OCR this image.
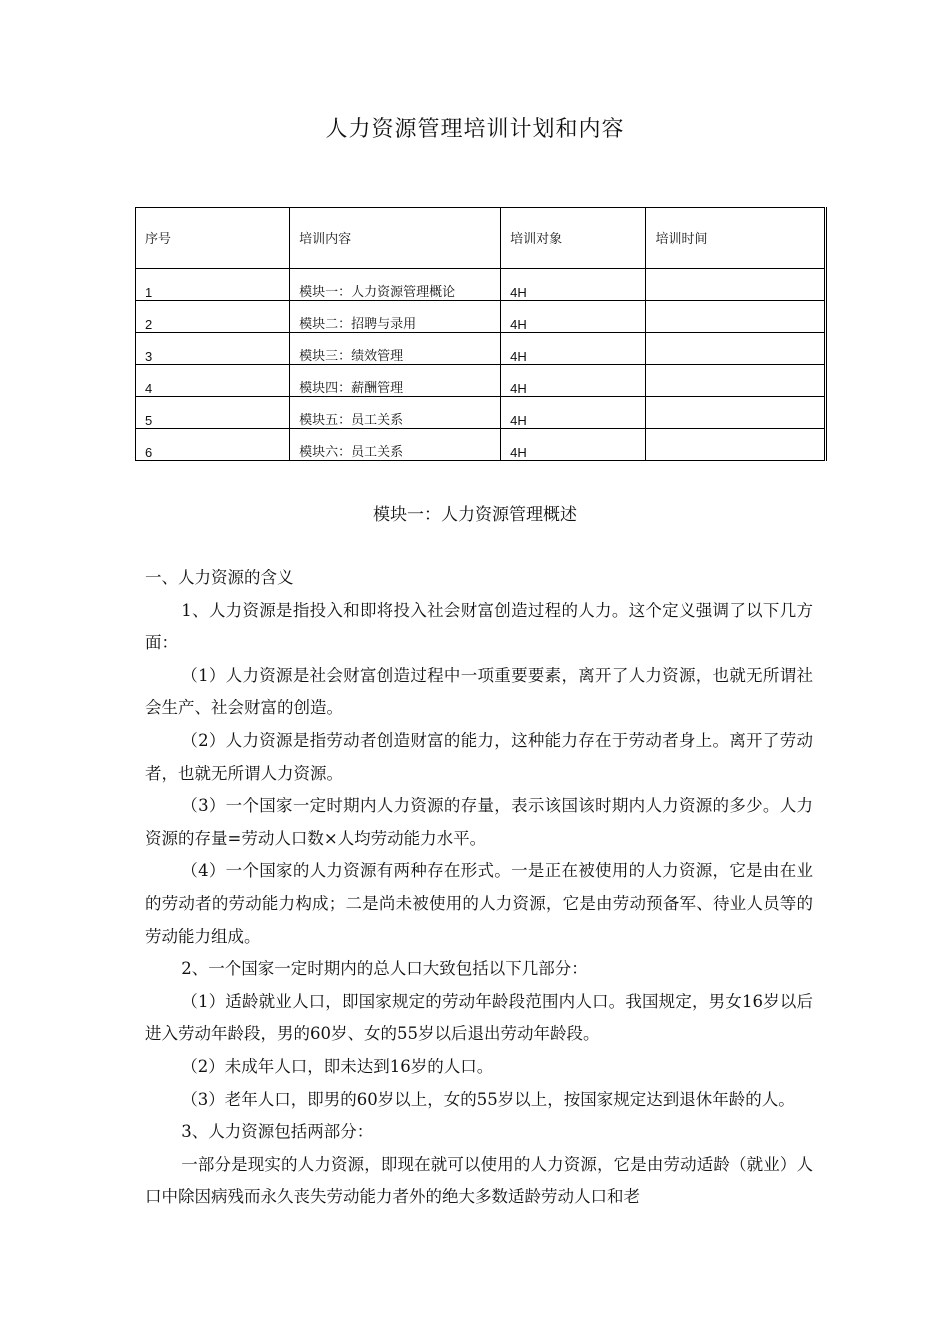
人力资源管理培训计划和内容
序号	培训内容	培训对象	培训时间
1	模块一：人力资源管理概论	4H	
2	模块二：招聘与录用	4H	
3	模块三：绩效管理	4H	
4	模块四：薪酬管理	4H	
5	模块五：员工关系	4H	
6	模块六：员工关系	4H	
模块一：人力资源管理概述

一、人力资源的含义

1、人力资源是指投入和即将投入社会财富创造过程的人力。这个定义强调了以下几方面：

（1）人力资源是社会财富创造过程中一项重要要素，离开了人力资源，也就无所谓社会生产、社会财富的创造。

（2）人力资源是指劳动者创造财富的能力，这种能力存在于劳动者身上。离开了劳动者，也就无所谓人力资源。

（3）一个国家一定时期内人力资源的存量，表示该国该时期内人力资源的多少。人力资源的存量=劳动人口数×人均劳动能力水平。

（4）一个国家的人力资源有两种存在形式。一是正在被使用的人力资源，它是由在业的劳动者的劳动能力构成；二是尚未被使用的人力资源，它是由劳动预备军、待业人员等的劳动能力组成。

2、一个国家一定时期内的总人口大致包括以下几部分：

（1）适龄就业人口，即国家规定的劳动年龄段范围内人口。我国规定，男女16岁以后进入劳动年龄段，男的60岁、女的55岁以后退出劳动年龄段。

（2）未成年人口，即未达到16岁的人口。

（3）老年人口，即男的60岁以上，女的55岁以上，按国家规定达到退休年龄的人。

3、人力资源包括两部分：

一部分是现实的人力资源，即现在就可以使用的人力资源，它是由劳动适龄（就业）人口中除因病残而永久丧失劳动能力者外的绝大多数适龄劳动人口和老
